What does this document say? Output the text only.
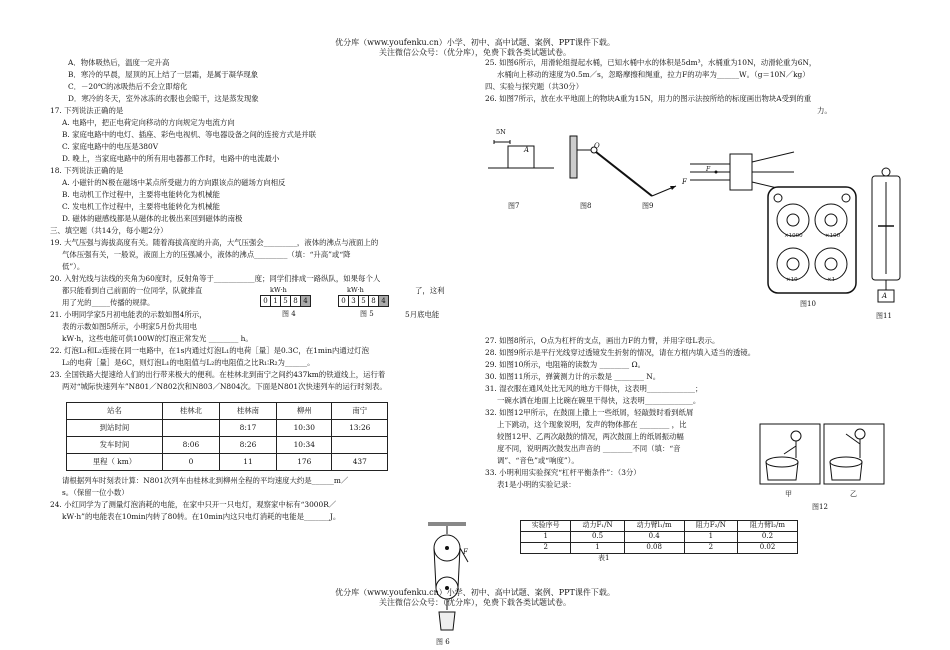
优分库（www.youfenku.cn）小学、初中、高中试题、案例、PPT课件下载。
关注微信公众号：（优分库），免费下载各类试题试卷。
A．物体吸热后，温度一定升高
B．寒冷的早晨，屋顶的瓦上结了一层霜，是属于凝华现象
C．－20℃的冰吸热后不会立即熔化
D．寒冷的冬天，室外冰冻的衣服也会晾干，这是蒸发现象
17. 下列说法正确的是
A. 电路中，把正电荷定向移动的方向规定为电流方向
B. 家庭电路中的电灯、插座、彩色电视机、等电器设备之间的连接方式是并联
C. 家庭电路中的电压是380V
D. 晚上，当家庭电路中的所有用电器都工作时，电路中的电流最小
18. 下列说法正确的是
A. 小磁针的N极在磁场中某点所受磁力的方向跟该点的磁场方向相反
B. 电动机工作过程中，主要将电能转化为机械能
C. 发电机工作过程中，主要将电能转化为机械能
D. 磁体的磁感线都是从磁体的北极出来回到磁体的南极
三、填空题（共14分，每小题2分）
19. 大气压强与海拔高度有关。随着海拔高度的升高，大气压强会_________，液体的沸点与液面上的
气体压强有关，一般说，液面上方的压强减小，液体的沸点_________（填：“升高”或“降
低”）。
20. 入射光线与法线的夹角为60度时，反射角等于___________度；同学们排成一路纵队，如果每个人
都只能看到自己前面的一位同学，队就排直	kW·h	kW·h	了，这利
用了光的_____传播的规律。	0 1 5 8 4	0 3 5 8 4
21. 小明同学家5月初电能表的示数如图4所示，	图 4	图 5	5月底电能
表的示数如图5所示，小明家5月份共用电
kW·h，这些电能可供100W的灯泡正常发光 ________ h。
22. 灯泡L₁和L₂连接在同一电路中，在1s内通过灯泡L₁的电荷［量］是0.3C，在1min内通过灯泡
L₂的电荷［量］是6C，则灯泡L₁的电阻值与L₂的电阻值之比R₁∶R₂为______。
23. 全国铁路大提速给人们的出行带来极大的便利。在桂林北到南宁之间约437km的铁道线上，运行着
两对“城际快速列车”N801／N802次和N803／N804次。下面是N801次快速列车的运行时刻表。
站名	桂林北	桂林南	柳州	南宁
到站时间		8:17	10:30	13:26
发车时间	8:06	8:26	10:34	
里程（ km）	0	11	176	437
请根据列车时刻表计算：N801次列车由桂林北到柳州全程的平均速度大约是______m／
s。（保留一位小数）
24. 小红同学为了测量灯泡消耗的电能，在家中只开一只电灯，观察家中标有“3000R／
kW·h”的电能表在10min内转了80转。在10min内这只电灯消耗的电能是_______J。
F
图 6
25. 如图6所示，用滑轮组提起水桶，已知水桶中水的体积是5dm³，水桶重为10N，动滑轮重为6N，
水桶向上移动的速度为0.5m／s，忽略摩擦和绳重，拉力F的功率为______W。（g＝10N／kg）
四、实验与探究题（共30分）
26. 如图7所示，放在水平地面上的物块A重为15N，用力的图示法按所给的标度画出物块A受到的重
力。
5N
A	O
F
F
图7	图8	图9
×1000	×100
×10	×1
图10
A
图11
27. 如图8所示，O点为杠杆的支点，画出力F的力臂，并用字母L表示。
28. 如图9所示是平行光线穿过透镜发生折射的情况，请在方框内填入适当的透镜。
29. 如图10所示，电阻箱的读数为 ________ Ω。
30. 如图11所示，弹簧测力计的示数是 ________ N。
31. 湿衣服在通风处比无风的地方干得快，这表明_____________；
一碗水洒在地面上比碗在碗里干得快，这表明_____________。
32. 如图12甲所示，在鼓面上撒上一些纸屑，轻敲鼓时看到纸屑
上下跳动，这个现象说明，发声的物体都在 ________ ，比
较图12甲、乙两次敲鼓的情况，两次鼓面上的纸屑振动幅
度不同，说明两次鼓发出声音的 ________不同（填：“音
调”、“音色”或“响度”）。
33. 小明利用实验探究“杠杆平衡条件”：（3分）
表1是小明的实验记录：
甲	乙
图12
实验序号	动力F₁/N	动力臂l₁/m	阻力F₂/N	阻力臂l₂/m
1	0.5	0.4	1	0.2
2	1	0.08	2	0.02
表1
优分库（www.youfenku.cn）小学、初中、高中试题、案例、PPT课件下载。
关注微信公众号：（优分库），免费下载各类试题试卷。
